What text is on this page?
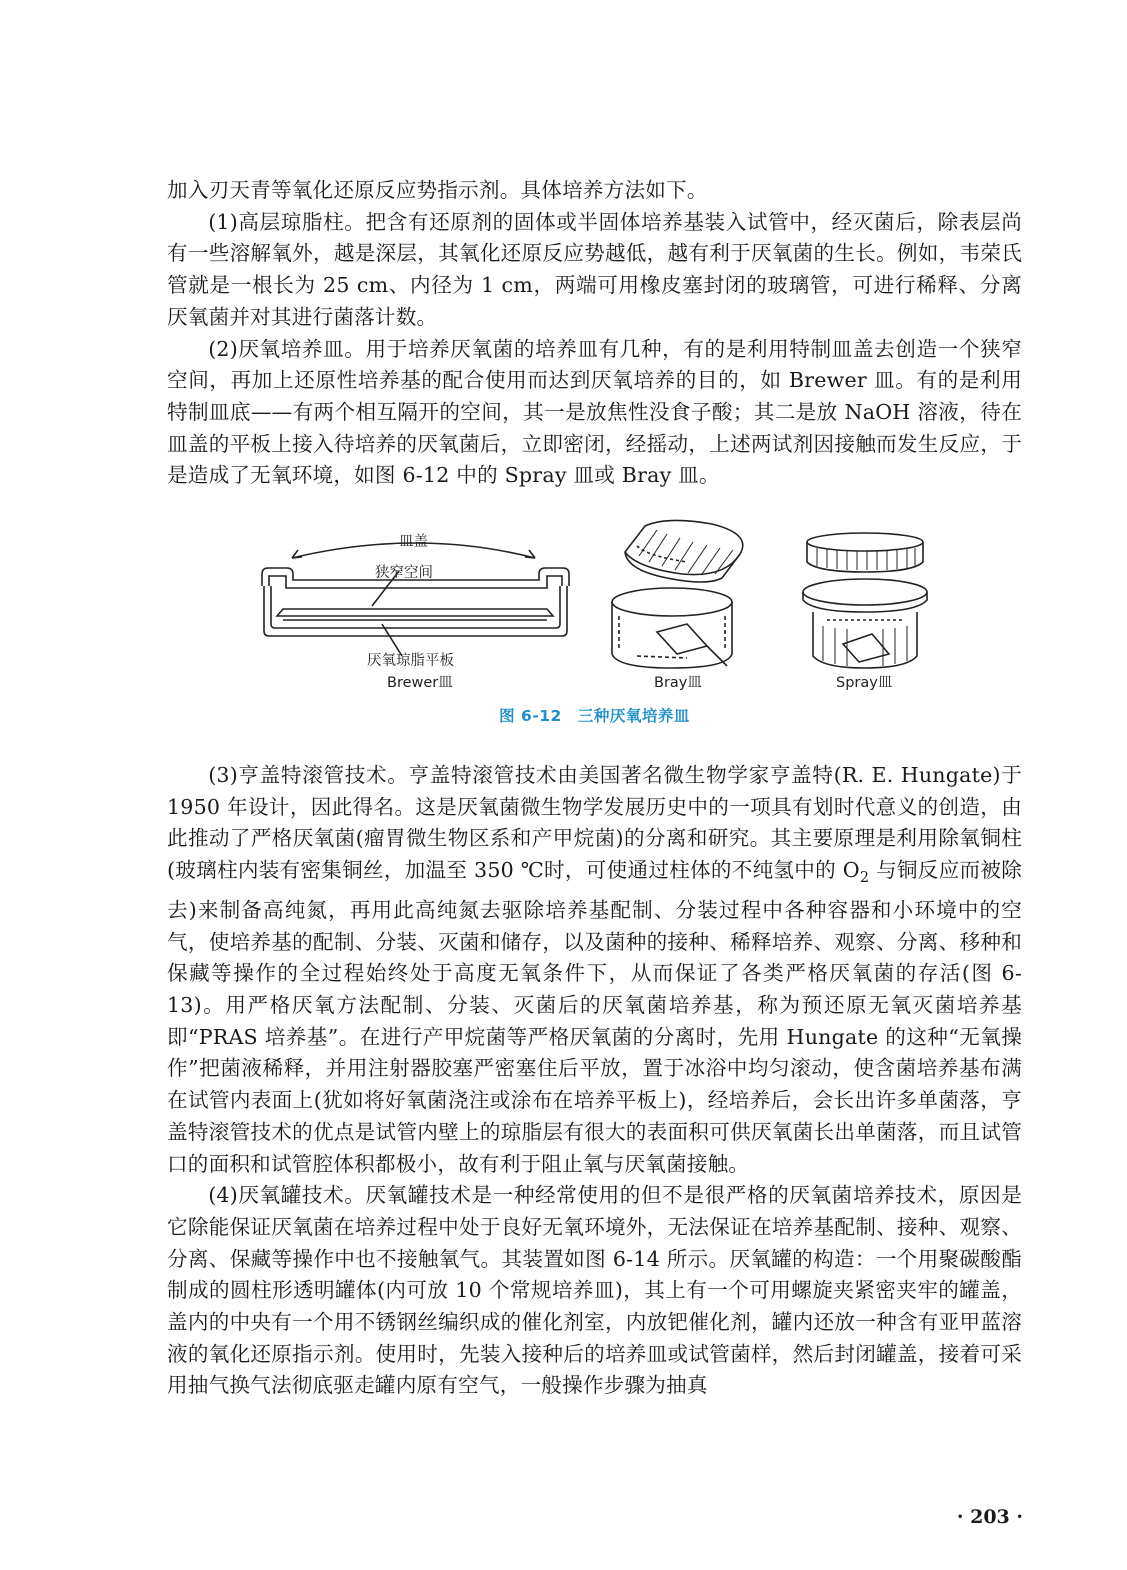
加入刃天青等氧化还原反应势指示剂。具体培养方法如下。

(1)高层琼脂柱。把含有还原剂的固体或半固体培养基装入试管中，经灭菌后，除表层尚有一些溶解氧外，越是深层，其氧化还原反应势越低，越有利于厌氧菌的生长。例如，韦荣氏管就是一根长为 25 cm、内径为 1 cm，两端可用橡皮塞封闭的玻璃管，可进行稀释、分离厌氧菌并对其进行菌落计数。

(2)厌氧培养皿。用于培养厌氧菌的培养皿有几种，有的是利用特制皿盖去创造一个狭窄空间，再加上还原性培养基的配合使用而达到厌氧培养的目的，如 Brewer 皿。有的是利用特制皿底——有两个相互隔开的空间，其一是放焦性没食子酸；其二是放 NaOH 溶液，待在皿盖的平板上接入待培养的厌氧菌后，立即密闭，经摇动，上述两试剂因接触而发生反应，于是造成了无氧环境，如图 6-12 中的 Spray 皿或 Bray 皿。

皿盖
狭窄空间
厌氧琼脂平板
Brewer皿	Bray皿	Spray皿
图 6-12　三种厌氧培养皿

(3)亨盖特滚管技术。亨盖特滚管技术由美国著名微生物学家亨盖特(R. E. Hungate)于 1950 年设计，因此得名。这是厌氧菌微生物学发展历史中的一项具有划时代意义的创造，由此推动了严格厌氧菌(瘤胃微生物区系和产甲烷菌)的分离和研究。其主要原理是利用除氧铜柱(玻璃柱内装有密集铜丝，加温至 350 ℃时，可使通过柱体的不纯氢中的 $O_2$ 与铜反应而被除去)来制备高纯氮，再用此高纯氮去驱除培养基配制、分装过程中各种容器和小环境中的空气，使培养基的配制、分装、灭菌和储存，以及菌种的接种、稀释培养、观察、分离、移种和保藏等操作的全过程始终处于高度无氧条件下，从而保证了各类严格厌氧菌的存活(图 6-13)。用严格厌氧方法配制、分装、灭菌后的厌氧菌培养基，称为预还原无氧灭菌培养基即“PRAS 培养基”。在进行产甲烷菌等严格厌氧菌的分离时，先用 Hungate 的这种“无氧操作”把菌液稀释，并用注射器胶塞严密塞住后平放，置于冰浴中均匀滚动，使含菌培养基布满在试管内表面上(犹如将好氧菌浇注或涂布在培养平板上)，经培养后，会长出许多单菌落，亨盖特滚管技术的优点是试管内壁上的琼脂层有很大的表面积可供厌氧菌长出单菌落，而且试管口的面积和试管腔体积都极小，故有利于阻止氧与厌氧菌接触。

(4)厌氧罐技术。厌氧罐技术是一种经常使用的但不是很严格的厌氧菌培养技术，原因是它除能保证厌氧菌在培养过程中处于良好无氧环境外，无法保证在培养基配制、接种、观察、分离、保藏等操作中也不接触氧气。其装置如图 6-14 所示。厌氧罐的构造：一个用聚碳酸酯制成的圆柱形透明罐体(内可放 10 个常规培养皿)，其上有一个可用螺旋夹紧密夹牢的罐盖，盖内的中央有一个用不锈钢丝编织成的催化剂室，内放钯催化剂，罐内还放一种含有亚甲蓝溶液的氧化还原指示剂。使用时，先装入接种后的培养皿或试管菌样，然后封闭罐盖，接着可采用抽气换气法彻底驱走罐内原有空气，一般操作步骤为抽真

· 203 ·
